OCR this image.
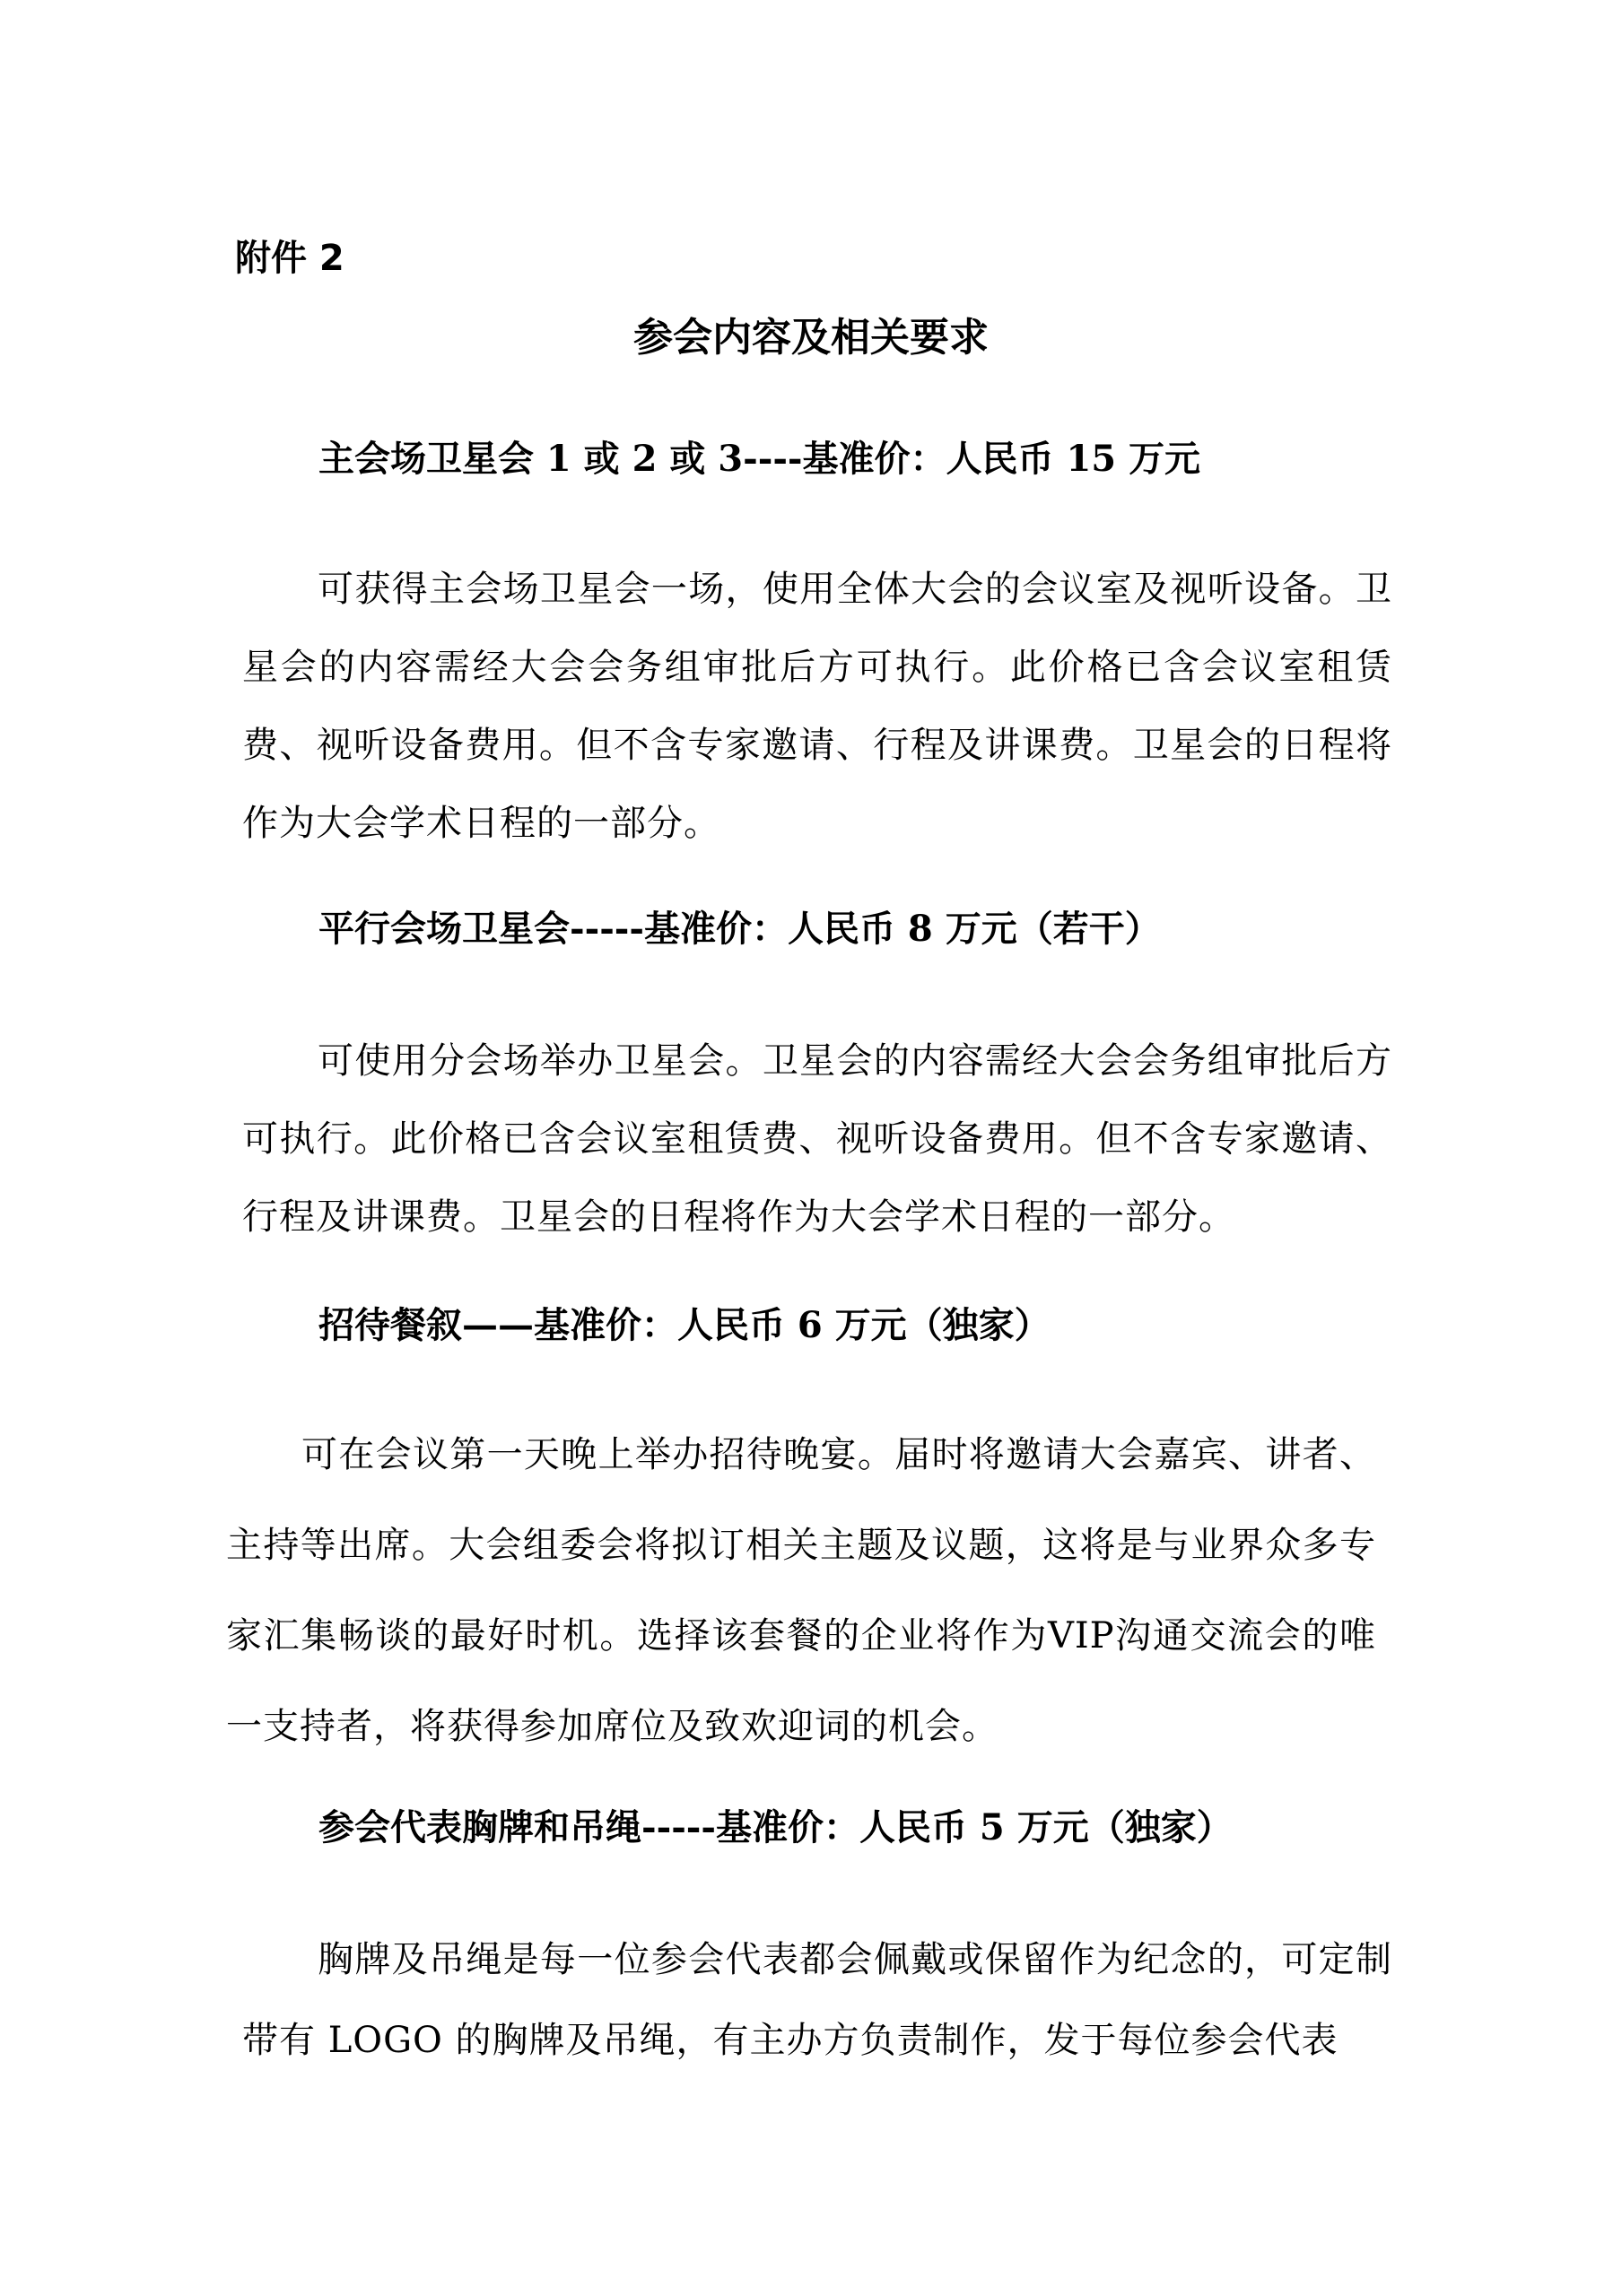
附件 2

参会内容及相关要求
主会场卫星会 1 或 2 或 3----基准价：人民币 15 万元

可获得主会场卫星会一场，使用全体大会的会议室及视听设备。卫星会的内容需经大会会务组审批后方可执行。此价格已含会议室租赁费、视听设备费用。但不含专家邀请、行程及讲课费。卫星会的日程将作为大会学术日程的一部分。

平行会场卫星会-----基准价：人民币 8 万元（若干）

可使用分会场举办卫星会。卫星会的内容需经大会会务组审批后方可执行。此价格已含会议室租赁费、视听设备费用。但不含专家邀请、行程及讲课费。卫星会的日程将作为大会学术日程的一部分。

招待餐叙——基准价：人民币 6 万元（独家）

可在会议第一天晚上举办招待晚宴。届时将邀请大会嘉宾、讲者、主持等出席。大会组委会将拟订相关主题及议题，这将是与业界众多专家汇集畅谈的最好时机。选择该套餐的企业将作为VIP沟通交流会的唯一支持者，将获得参加席位及致欢迎词的机会。

参会代表胸牌和吊绳-----基准价：人民币 5 万元（独家）

胸牌及吊绳是每一位参会代表都会佩戴或保留作为纪念的，可定制带有 LOGO 的胸牌及吊绳，有主办方负责制作，发于每位参会代表
